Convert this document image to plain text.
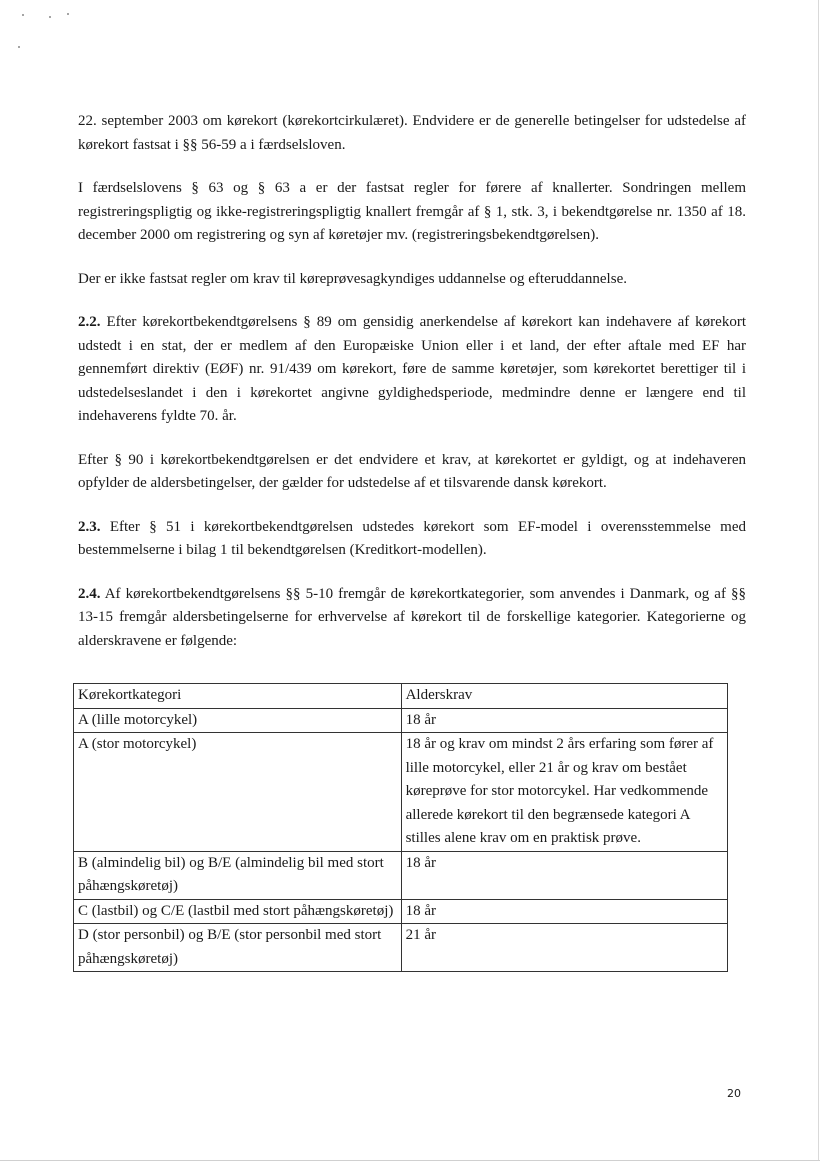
22. september 2003 om kørekort (kørekortcirkulæret). Endvidere er de generelle betingelser for udstedelse af kørekort fastsat i §§ 56-59 a i færdselsloven.

I færdselslovens § 63 og § 63 a er der fastsat regler for førere af knallerter. Sondringen mellem registreringspligtig og ikke-registreringspligtig knallert fremgår af § 1, stk. 3, i bekendtgørelse nr. 1350 af 18. december 2000 om registrering og syn af køretøjer mv. (registreringsbekendtgørelsen).

Der er ikke fastsat regler om krav til køreprøvesagkyndiges uddannelse og efteruddannelse.

2.2. Efter kørekortbekendtgørelsens § 89 om gensidig anerkendelse af kørekort kan indehavere af kørekort udstedt i en stat, der er medlem af den Europæiske Union eller i et land, der efter aftale med EF har gennemført direktiv (EØF) nr. 91/439 om kørekort, føre de samme køretøjer, som kørekortet berettiger til i udstedelseslandet i den i kørekortet angivne gyldighedsperiode, medmindre denne er længere end til indehaverens fyldte 70. år.

Efter § 90 i kørekortbekendtgørelsen er det endvidere et krav, at kørekortet er gyldigt, og at indehaveren opfylder de aldersbetingelser, der gælder for udstedelse af et tilsvarende dansk kørekort.

2.3. Efter § 51 i kørekortbekendtgørelsen udstedes kørekort som EF-model i overensstemmelse med bestemmelserne i bilag 1 til bekendtgørelsen (Kreditkort-modellen).

2.4. Af kørekortbekendtgørelsens §§ 5-10 fremgår de kørekortkategorier, som anvendes i Danmark, og af §§ 13-15 fremgår aldersbetingelserne for erhvervelse af kørekort til de forskellige kategorier. Kategorierne og alderskravene er følgende:

Kørekortkategori	Alderskrav
A (lille motorcykel)	18 år
A (stor motorcykel)	18 år og krav om mindst 2 års erfaring som fører af lille motorcykel, eller 21 år og krav om bestået køreprøve for stor motorcykel. Har vedkommende allerede kørekort til den begrænsede kategori A stilles alene krav om en praktisk prøve.
B (almindelig bil) og B/E (almindelig bil med stort påhængskøretøj)	18 år
C (lastbil) og C/E (lastbil med stort påhængskøretøj)	18 år
D (stor personbil) og B/E (stor personbil med stort påhængskøretøj)	21 år
20
